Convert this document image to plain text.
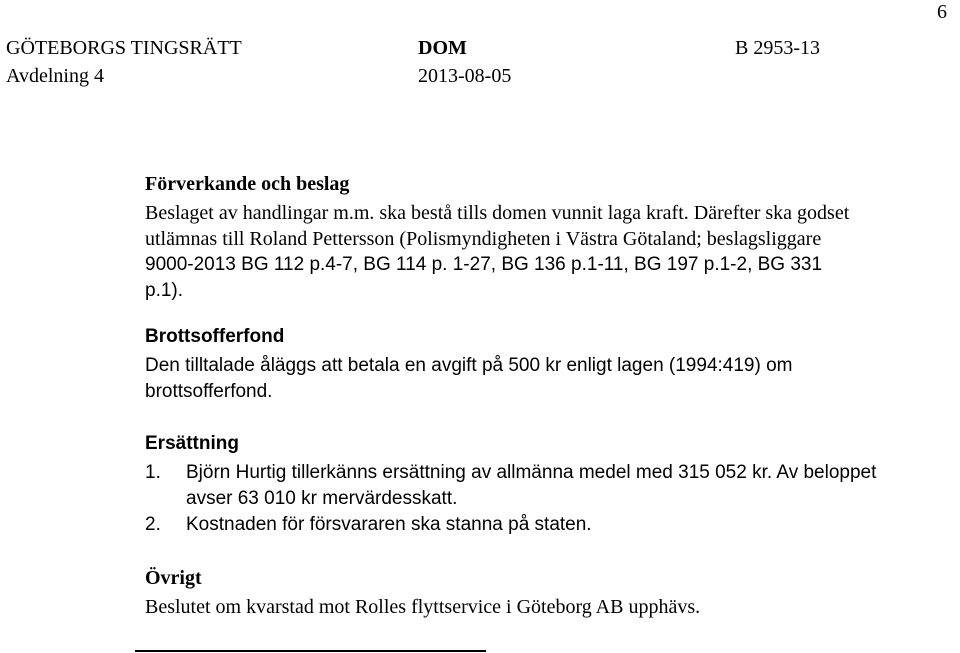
6
GÖTEBORGS TINGSRÄTT
Avdelning 4
DOM
2013-08-05
B 2953-13
Förverkande och beslag
Beslaget av handlingar m.m. ska bestå tills domen vunnit laga kraft. Därefter ska godset
utlämnas till Roland Pettersson (Polismyndigheten i Västra Götaland; beslagsliggare
9000-2013 BG 112 p.4-7, BG 114 p. 1-27, BG 136 p.1-11, BG 197 p.1-2, BG 331
p.1).
Brottsofferfond
Den tilltalade åläggs att betala en avgift på 500 kr enligt lagen (1994:419) om
brottsofferfond.
Ersättning
1. Björn Hurtig tillerkänns ersättning av allmänna medel med 315 052 kr. Av beloppet
avser 63 010 kr mervärdesskatt.
2. Kostnaden för försvararen ska stanna på staten.
Övrigt
Beslutet om kvarstad mot Rolles flyttservice i Göteborg AB upphävs.
